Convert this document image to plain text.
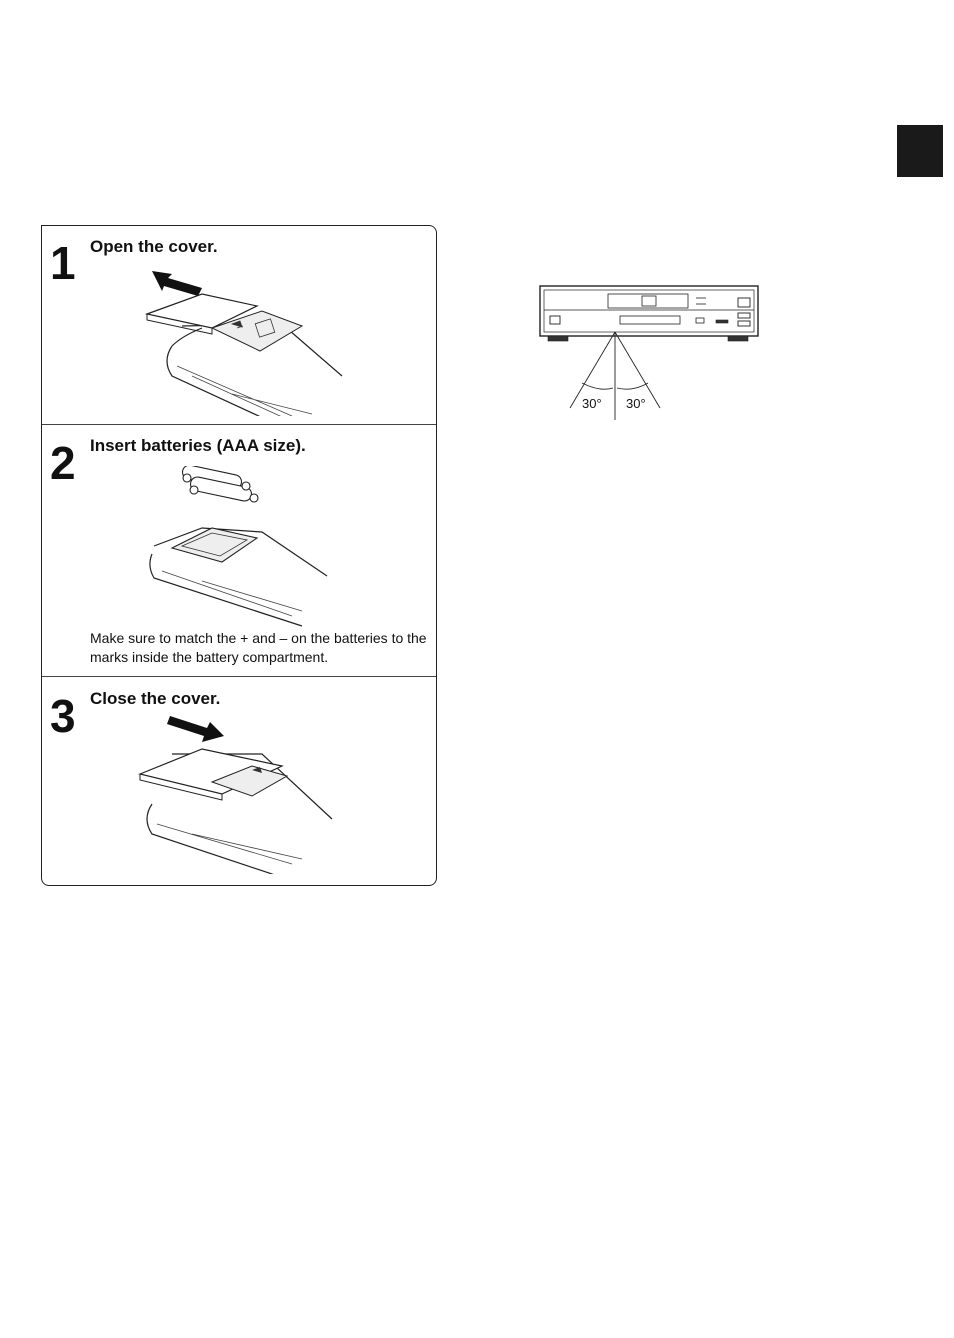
1 Open the cover.
2 Insert batteries (AAA size).
Make sure to match the + and – on the batteries to the marks inside the battery compartment.
3 Close the cover.
30° 30°
